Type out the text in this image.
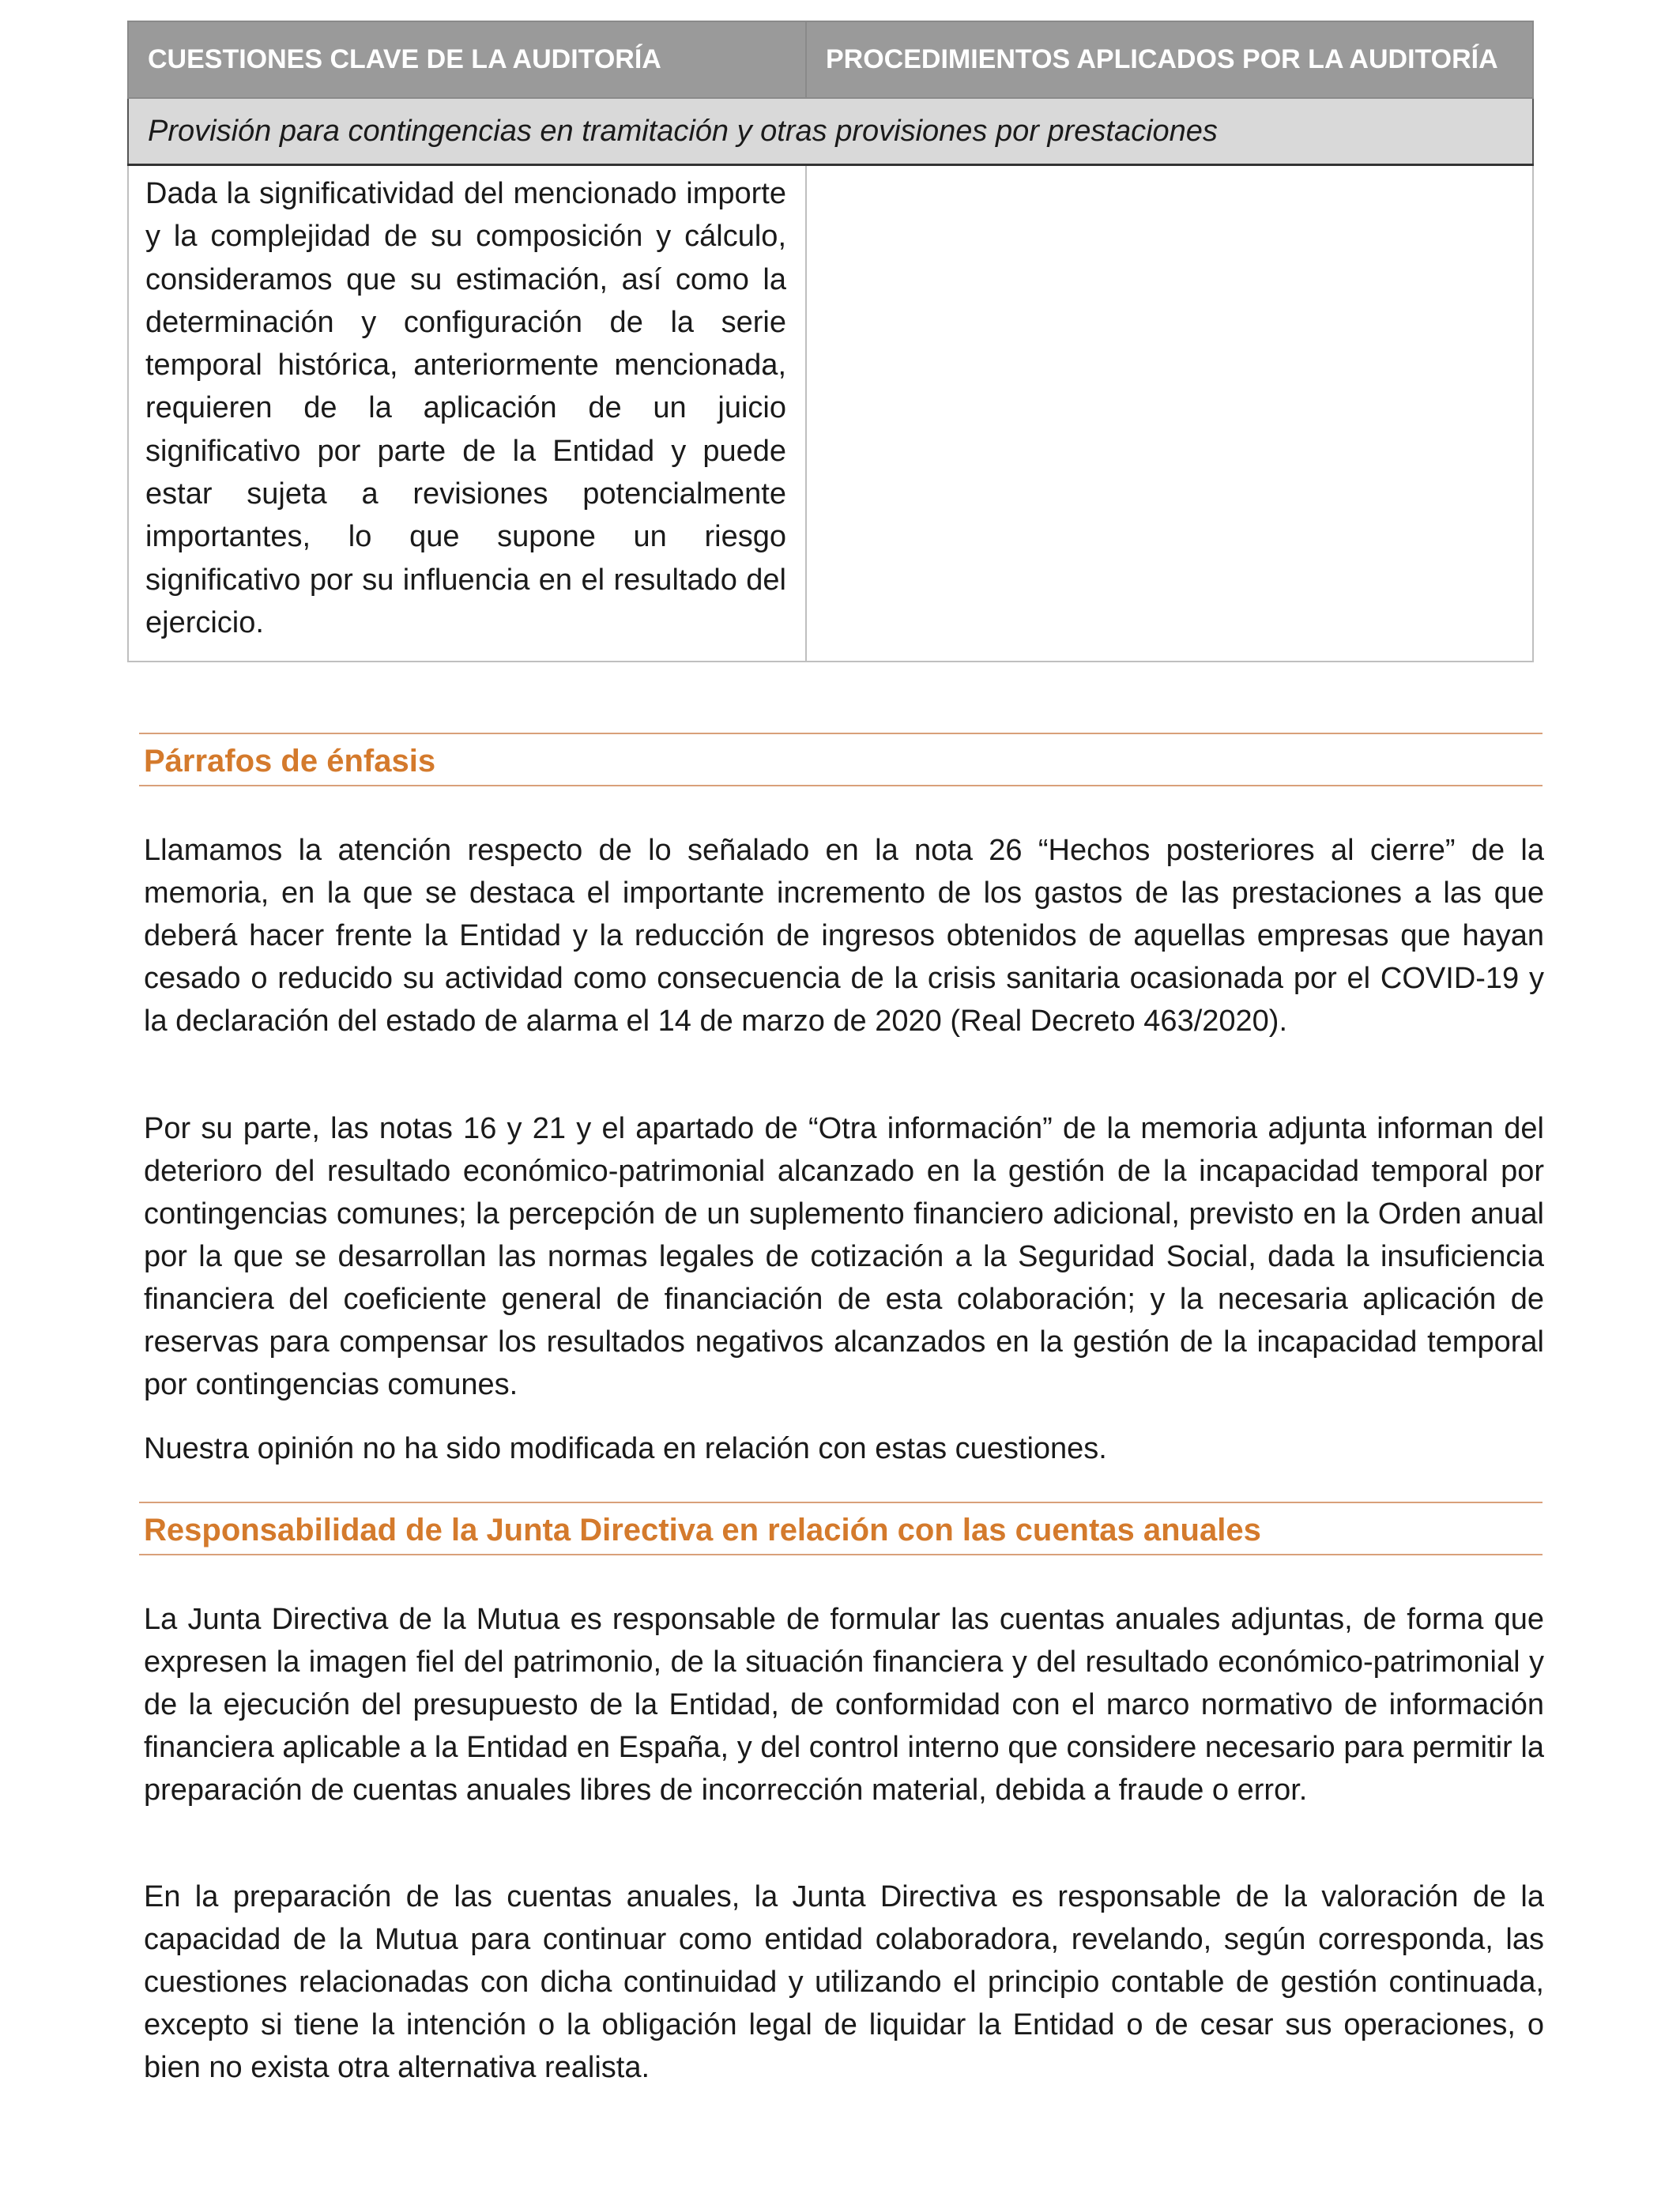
CUESTIONES CLAVE DE LA AUDITORÍA	PROCEDIMIENTOS APLICADOS POR LA AUDITORÍA
Provisión para contingencias en tramitación y otras provisiones por prestaciones	

Dada la significatividad del mencionado importe y la complejidad de su composición y cálculo, consideramos que su estimación, así como la determinación y configuración de la serie temporal histórica, anteriormente mencionada, requieren de la aplicación de un juicio significativo por parte de la Entidad y puede estar sujeta a revisiones potencialmente importantes, lo que supone un riesgo significativo por su influencia en el resultado del ejercicio.	

Párrafos de énfasis

Llamamos la atención respecto de lo señalado en la nota 26 “Hechos posteriores al cierre” de la memoria, en la que se destaca el importante incremento de los gastos de las prestaciones a las que deberá hacer frente la Entidad y la reducción de ingresos obtenidos de aquellas empresas que hayan cesado o reducido su actividad como consecuencia de la crisis sanitaria ocasionada por el COVID-19 y la declaración del estado de alarma el 14 de marzo de 2020 (Real Decreto 463/2020).

Por su parte, las notas 16 y 21 y el apartado de “Otra información” de la memoria adjunta informan del deterioro del resultado económico-patrimonial alcanzado en la gestión de la incapacidad temporal por contingencias comunes; la percepción de un suplemento financiero adicional, previsto en la Orden anual por la que se desarrollan las normas legales de cotización a la Seguridad Social, dada la insuficiencia financiera del coeficiente general de financiación de esta colaboración; y la necesaria aplicación de reservas para compensar los resultados negativos alcanzados en la gestión de la incapacidad temporal por contingencias comunes.

Nuestra opinión no ha sido modificada en relación con estas cuestiones.

Responsabilidad de la Junta Directiva en relación con las cuentas anuales

La Junta Directiva de la Mutua es responsable de formular las cuentas anuales adjuntas, de forma que expresen la imagen fiel del patrimonio, de la situación financiera y del resultado económico-patrimonial y de la ejecución del presupuesto de la Entidad, de conformidad con el marco normativo de información financiera aplicable a la Entidad en España, y del control interno que considere necesario para permitir la preparación de cuentas anuales libres de incorrección material, debida a fraude o error.

En la preparación de las cuentas anuales, la Junta Directiva es responsable de la valoración de la capacidad de la Mutua para continuar como entidad colaboradora, revelando, según corresponda, las cuestiones relacionadas con dicha continuidad y utilizando el principio contable de gestión continuada, excepto si tiene la intención o la obligación legal de liquidar la Entidad o de cesar sus operaciones, o bien no exista otra alternativa realista.
